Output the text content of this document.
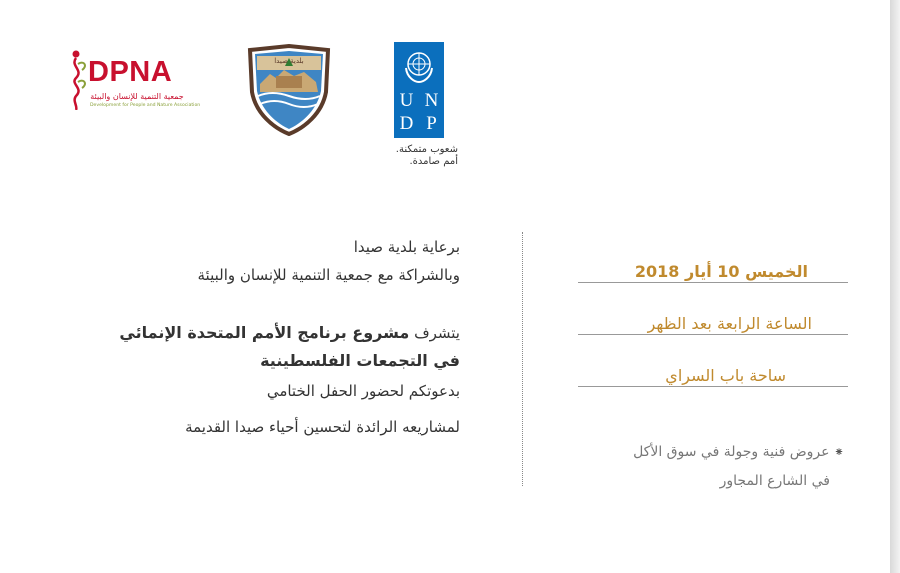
DPNA
جمعية التنمية للإنسان والبيئة
Development for People and Nature Association
بلدية صيدا
U N
D P
شعوب متمكنة.
أمم صامدة.
برعاية بلدية صيدا
وبالشراكة مع جمعية التنمية للإنسان والبيئة
يتشرف مشروع برنامج الأمم المتحدة الإنمائي
في التجمعات الفلسطينية
بدعوتكم لحضور الحفل الختامي
لمشاريعه الرائدة لتحسين أحياء صيدا القديمة
الخميس 10 أيار 2018
الساعة الرابعة بعد الظهر
ساحة باب السراي
⁕ عروض فنية وجولة في سوق الأكل
في الشارع المجاور
